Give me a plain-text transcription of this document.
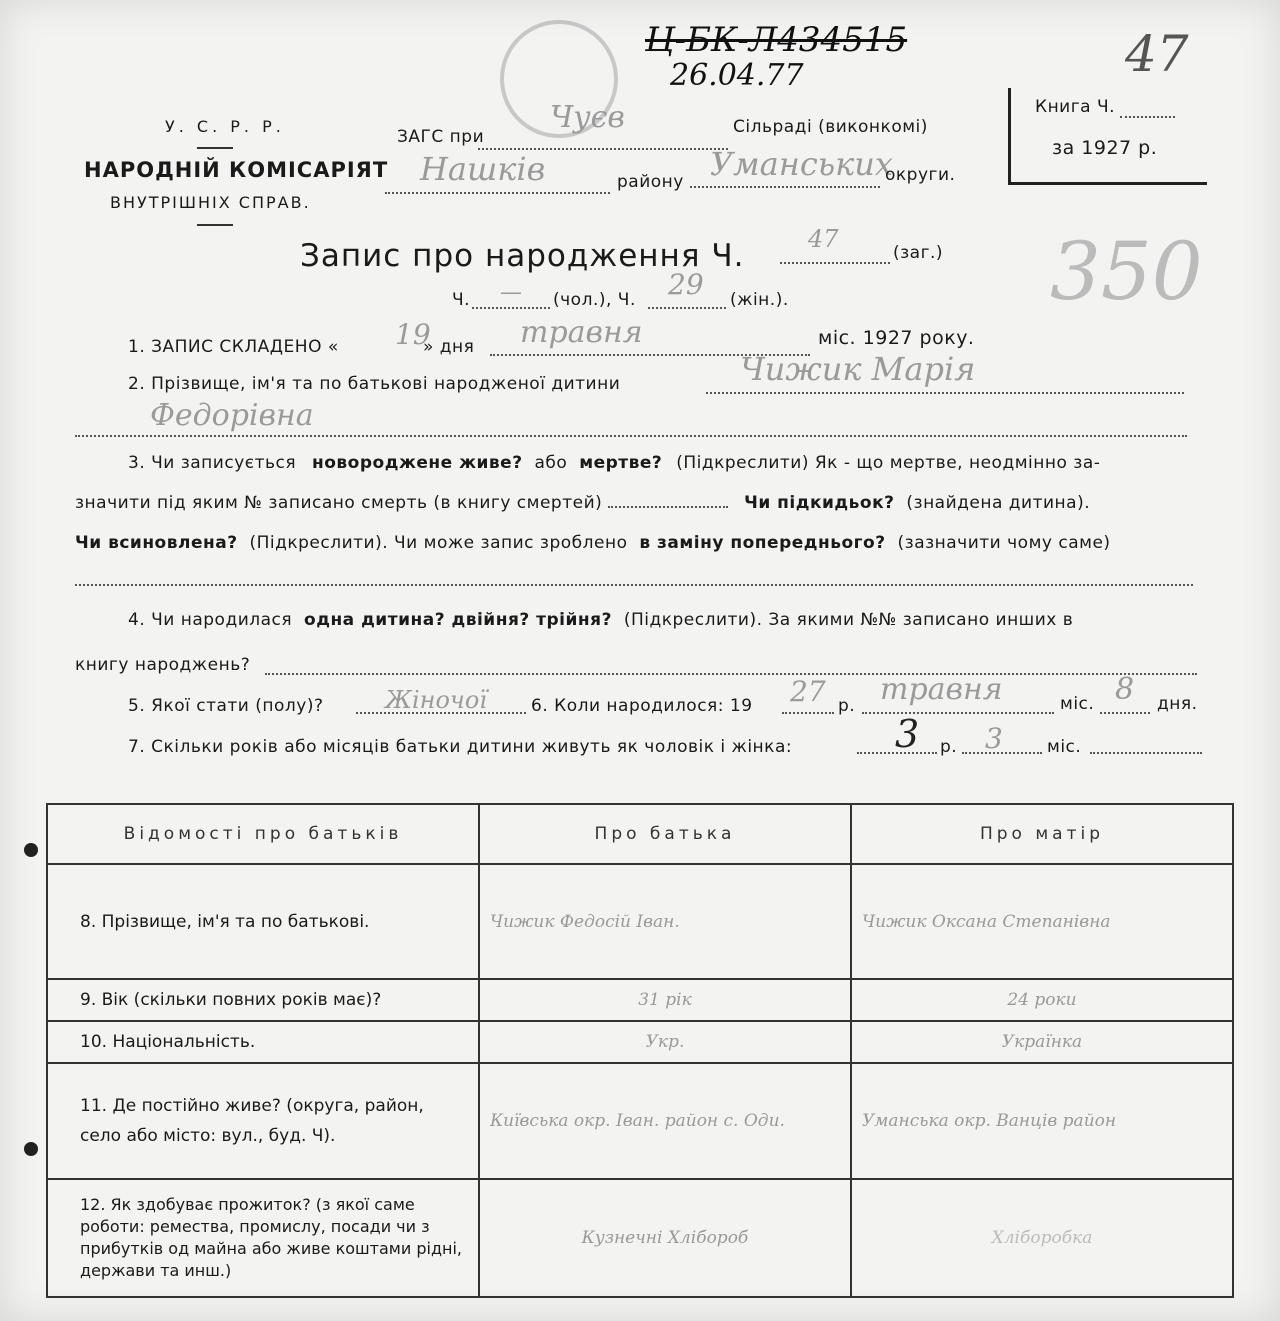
Ц-БК-Л434515
26.04.77	47
350
У. С. Р. Р.
НАРОДНІЙ КОМІСАРІЯТ
ВНУТРІШНІХ СПРАВ.
ЗАГС при
Чуєв	Сільраді (виконкомі)
Нашків	району Уманських
округи.
Книга Ч.
за 1927 р.
Запис про народження Ч.	47	(заг.)
Ч. — (чол.), Ч. 29 (жін.).
1. ЗАПИС СКЛАДЕНО « 19
» дня травня	міс. 1927 року.
2. Прізвище, ім'я та по батькові народженої дитини	Чижик Марія
Федорівна
3. Чи записується новороджене живе? або мертве? (Підкреслити) Як - що мертве, неодмінно за-
значити під яким № записано смерть (в книгу смертей)	Чи підкидьок? (знайдена дитина).
Чи всиновлена? (Підкреслити). Чи може запис зроблено в заміну попереднього? (зазначити чому саме)
4. Чи народилася одна дитина? двійня? трійня? (Підкреслити). За якими №№ записано инших в
книгу народжень?
5. Якої стати (полу)?	Жіночої	6. Коли народилося: 19 27 р. травня	міс. 8 дня.
7. Скільки років або місяців батьки дитини живуть як чоловік і жінка:	3 р. 3	міс.
Відомості про батьків	Про батька	Про матір
8. Прізвище, ім'я та по батькові.	Чижик Федосій Іван.	Чижик Оксана Степанівна
9. Вік (скільки повних років має)?	31 рік	24 роки
10. Національність.	Укр.	Українка
11. Де постійно живе? (округа, район, село або місто: вул., буд. Ч).	Київська окр. Іван. район с. Оди.	Уманська окр. Ванців район
12. Як здобуває прожиток? (з якої саме роботи: ремества, промислу, посади чи з прибутків од майна або живе коштами рідні, держави та инш.)	Кузнечні Хлібороб	Хліборобка
